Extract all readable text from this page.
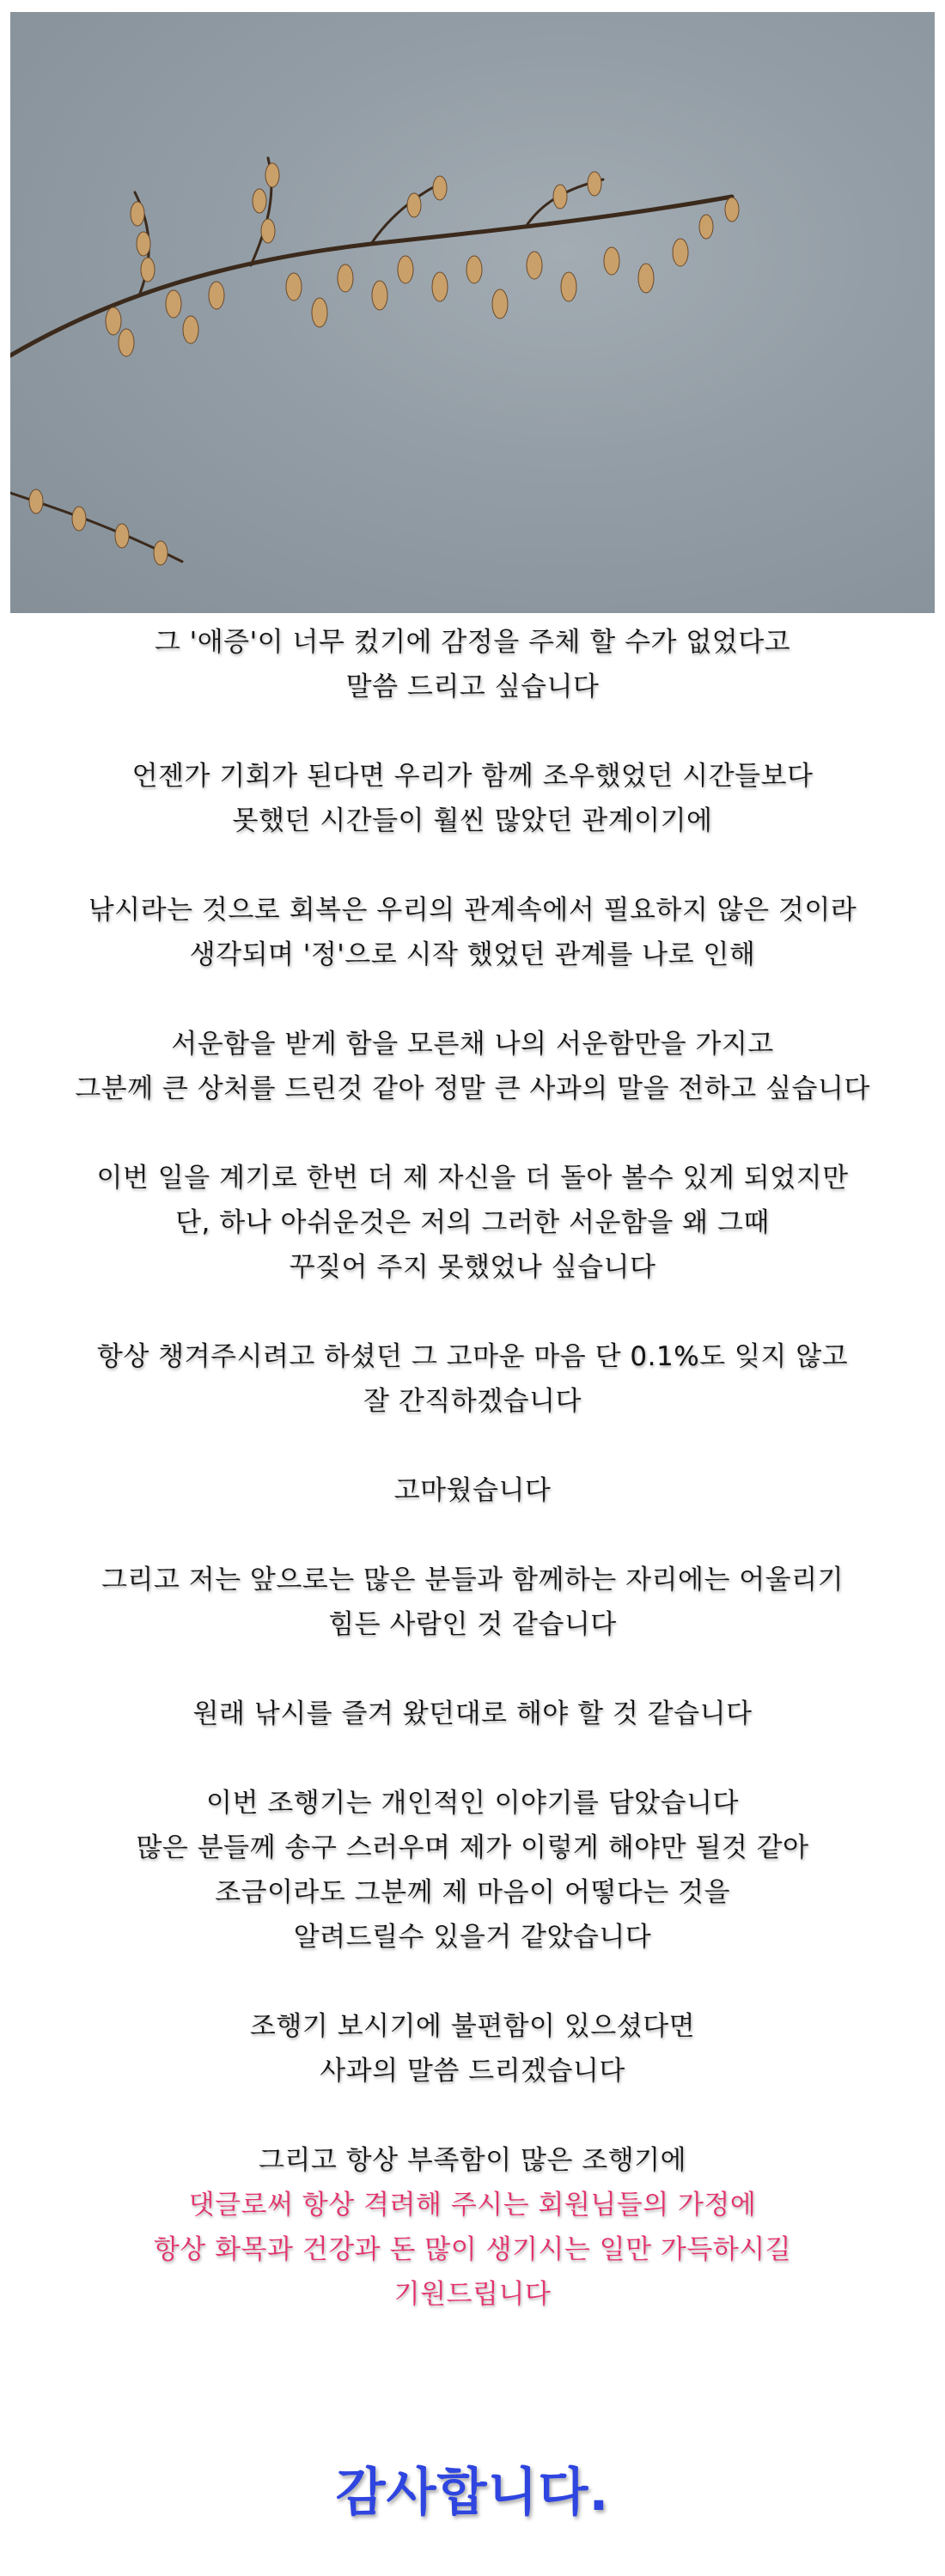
그 '애증'이 너무 컸기에 감정을 주체 할 수가 없었다고
말씀 드리고 싶습니다
언젠가 기회가 된다면 우리가 함께 조우했었던 시간들보다
못했던 시간들이 훨씬 많았던 관계이기에
낚시라는 것으로 회복은 우리의 관계속에서 필요하지 않은 것이라
생각되며 '정'으로 시작 했었던 관계를 나로 인해
서운함을 받게 함을 모른채 나의 서운함만을 가지고
그분께 큰 상처를 드린것 같아 정말 큰 사과의 말을 전하고 싶습니다
이번 일을 계기로 한번 더 제 자신을 더 돌아 볼수 있게 되었지만
단, 하나 아쉬운것은 저의 그러한 서운함을 왜 그때
꾸짖어 주지 못했었나 싶습니다
항상 챙겨주시려고 하셨던 그 고마운 마음 단 0.1%도 잊지 않고
잘 간직하겠습니다
고마웠습니다
그리고 저는 앞으로는 많은 분들과 함께하는 자리에는 어울리기
힘든 사람인 것 같습니다
원래 낚시를 즐겨 왔던대로 해야 할 것 같습니다
이번 조행기는 개인적인 이야기를 담았습니다
많은 분들께 송구 스러우며 제가 이렇게 해야만 될것 같아
조금이라도 그분께 제 마음이 어떻다는 것을
알려드릴수 있을거 같았습니다
조행기 보시기에 불편함이 있으셨다면
사과의 말씀 드리겠습니다
그리고 항상 부족함이 많은 조행기에
댓글로써 항상 격려해 주시는 회원님들의 가정에
항상 화목과 건강과 돈 많이 생기시는 일만 가득하시길
기원드립니다
감사합니다.
